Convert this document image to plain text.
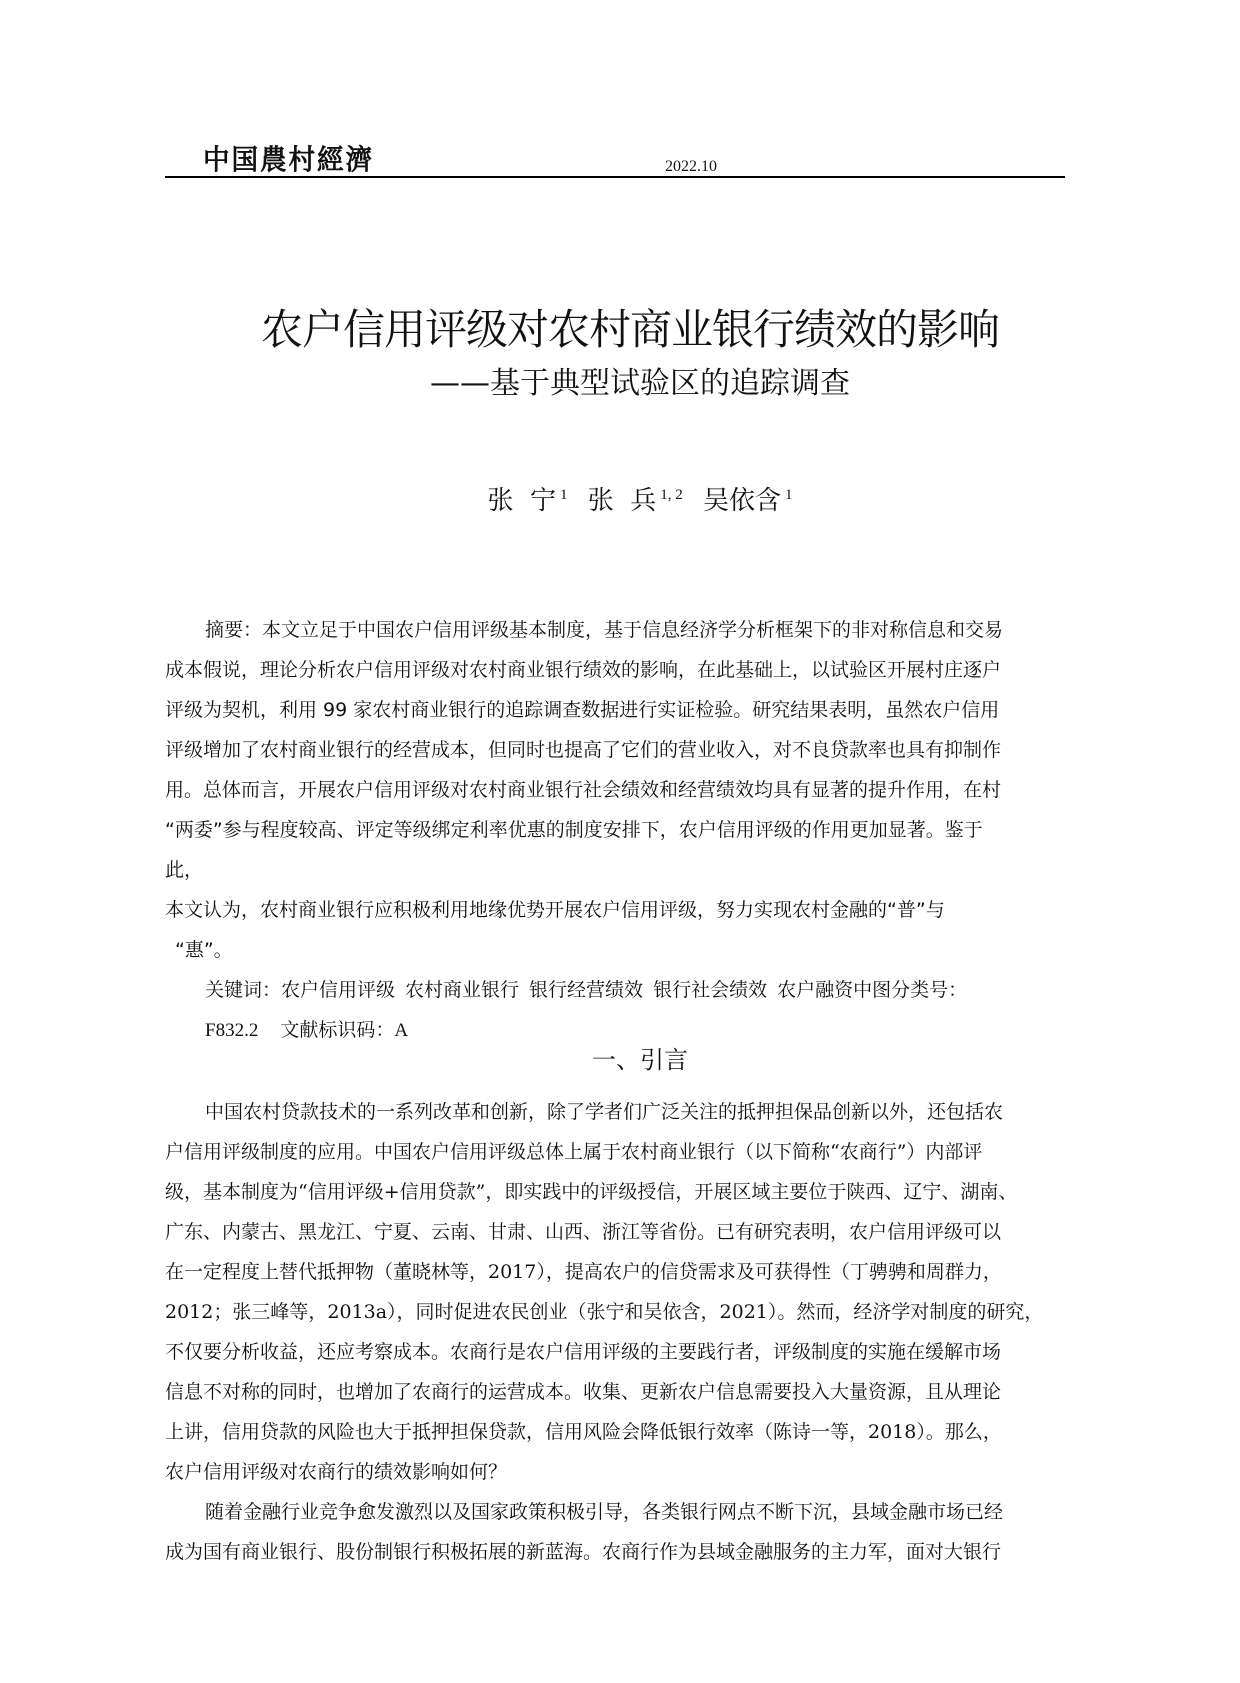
中国農村經濟	2022.10
农户信用评级对农村商业银行绩效的影响
——基于典型试验区的追踪调查
张  宁 $^1$ 张  兵 $^{1, 2}$ 吴依含 $^1$
摘要：本文立足于中国农户信用评级基本制度，基于信息经济学分析框架下的非对称信息和交易
成本假说，理论分析农户信用评级对农村商业银行绩效的影响，在此基础上，以试验区开展村庄逐户
评级为契机，利用 99 家农村商业银行的追踪调查数据进行实证检验。研究结果表明，虽然农户信用
评级增加了农村商业银行的经营成本，但同时也提高了它们的营业收入，对不良贷款率也具有抑制作
用。总体而言，开展农户信用评级对农村商业银行社会绩效和经营绩效均具有显著的提升作用，在村
“两委”参与程度较高、评定等级绑定利率优惠的制度安排下，农户信用评级的作用更加显著。鉴于
此，
本文认为，农村商业银行应积极利用地缘优势开展农户信用评级，努力实现农村金融的“普”与
“惠”。
关键词：农户信用评级 农村商业银行 银行经营绩效 银行社会绩效 农户融资中图分类号：
F832.2 文献标识码：A
一、引言
中国农村贷款技术的一系列改革和创新，除了学者们广泛关注的抵押担保品创新以外，还包括农
户信用评级制度的应用。中国农户信用评级总体上属于农村商业银行（以下简称“农商行”）内部评
级，基本制度为“信用评级+信用贷款”，即实践中的评级授信，开展区域主要位于陕西、辽宁、湖南、
广东、内蒙古、黑龙江、宁夏、云南、甘肃、山西、浙江等省份。已有研究表明，农户信用评级可以
在一定程度上替代抵押物（董晓林等，2017），提高农户的信贷需求及可获得性（丁骋骋和周群力，
2012；张三峰等，2013a），同时促进农民创业（张宁和吴依含，2021）。然而，经济学对制度的研究，
不仅要分析收益，还应考察成本。农商行是农户信用评级的主要践行者，评级制度的实施在缓解市场
信息不对称的同时，也增加了农商行的运营成本。收集、更新农户信息需要投入大量资源，且从理论
上讲，信用贷款的风险也大于抵押担保贷款，信用风险会降低银行效率（陈诗一等，2018）。那么，
农户信用评级对农商行的绩效影响如何？
随着金融行业竞争愈发激烈以及国家政策积极引导，各类银行网点不断下沉，县域金融市场已经
成为国有商业银行、股份制银行积极拓展的新蓝海。农商行作为县域金融服务的主力军，面对大银行
